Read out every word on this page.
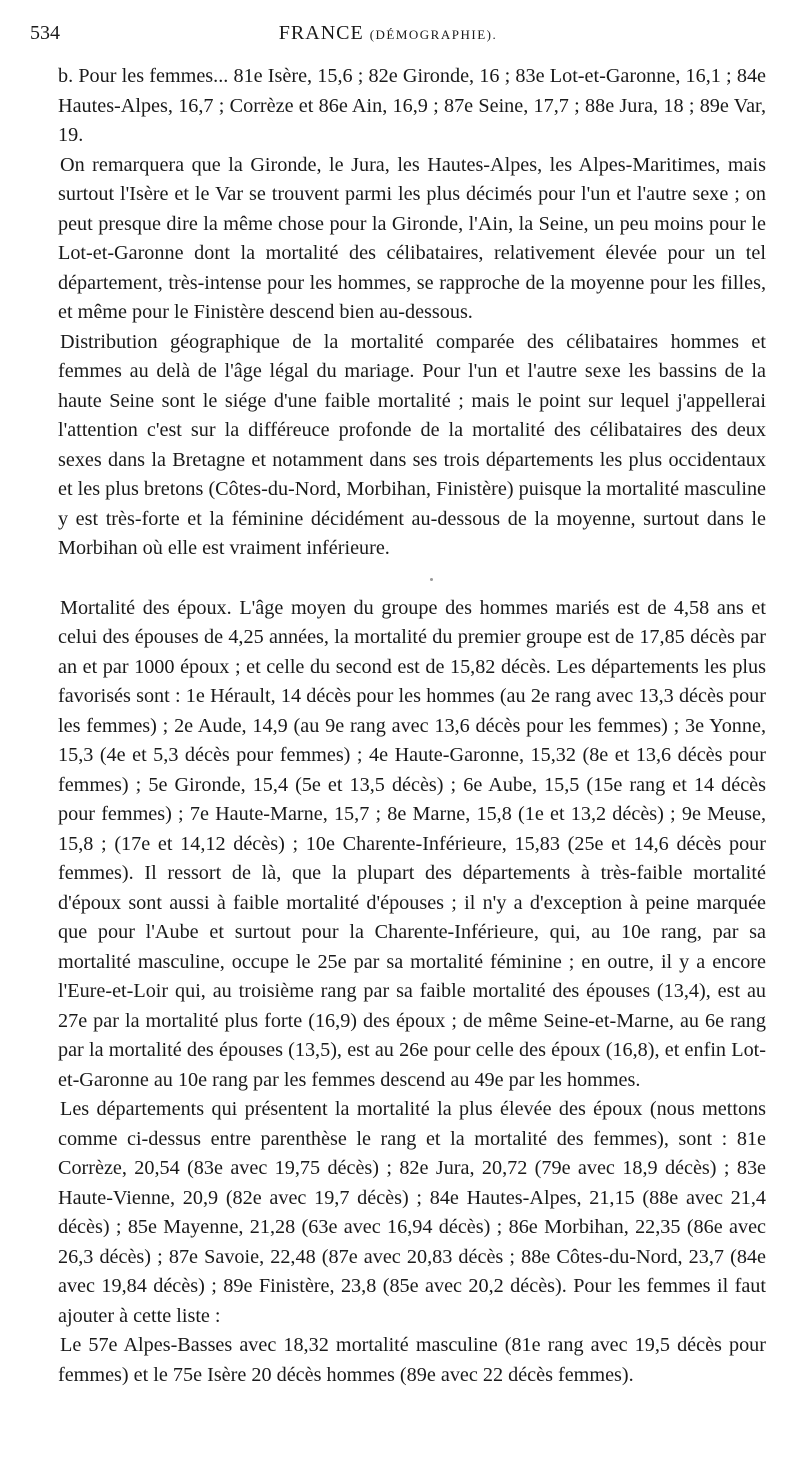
534	FRANCE (DÉMOGRAPHIE).

b. Pour les femmes... 81e Isère, 15,6 ; 82e Gironde, 16 ; 83e Lot-et-Garonne, 16,1 ; 84e Hautes-Alpes, 16,7 ; Corrèze et 86e Ain, 16,9 ; 87e Seine, 17,7 ; 88e Jura, 18 ; 89e Var, 19.

On remarquera que la Gironde, le Jura, les Hautes-Alpes, les Alpes-Maritimes, mais surtout l'Isère et le Var se trouvent parmi les plus décimés pour l'un et l'autre sexe ; on peut presque dire la même chose pour la Gironde, l'Ain, la Seine, un peu moins pour le Lot-et-Garonne dont la mortalité des célibataires, relativement élevée pour un tel département, très-intense pour les hommes, se rapproche de la moyenne pour les filles, et même pour le Finistère descend bien au-dessous.

Distribution géographique de la mortalité comparée des célibataires hommes et femmes au delà de l'âge légal du mariage. Pour l'un et l'autre sexe les bassins de la haute Seine sont le siége d'une faible mortalité ; mais le point sur lequel j'appellerai l'attention c'est sur la différeuce profonde de la mortalité des célibataires des deux sexes dans la Bretagne et notamment dans ses trois départements les plus occidentaux et les plus bretons (Côtes-du-Nord, Morbihan, Finistère) puisque la mortalité masculine y est très-forte et la féminine décidément au-dessous de la moyenne, surtout dans le Morbihan où elle est vraiment inférieure.

Mortalité des époux. L'âge moyen du groupe des hommes mariés est de 4,58 ans et celui des épouses de 4,25 années, la mortalité du premier groupe est de 17,85 décès par an et par 1000 époux ; et celle du second est de 15,82 décès. Les départements les plus favorisés sont : 1e Hérault, 14 décès pour les hommes (au 2e rang avec 13,3 décès pour les femmes) ; 2e Aude, 14,9 (au 9e rang avec 13,6 décès pour les femmes) ; 3e Yonne, 15,3 (4e et 5,3 décès pour femmes) ; 4e Haute-Garonne, 15,32 (8e et 13,6 décès pour femmes) ; 5e Gironde, 15,4 (5e et 13,5 décès) ; 6e Aube, 15,5 (15e rang et 14 décès pour femmes) ; 7e Haute-Marne, 15,7 ; 8e Marne, 15,8 (1e et 13,2 décès) ; 9e Meuse, 15,8 ; (17e et 14,12 décès) ; 10e Charente-Inférieure, 15,83 (25e et 14,6 décès pour femmes). Il ressort de là, que la plupart des départements à très-faible mortalité d'époux sont aussi à faible mortalité d'épouses ; il n'y a d'exception à peine marquée que pour l'Aube et surtout pour la Charente-Inférieure, qui, au 10e rang, par sa mortalité masculine, occupe le 25e par sa mortalité féminine ; en outre, il y a encore l'Eure-et-Loir qui, au troisième rang par sa faible mortalité des épouses (13,4), est au 27e par la mortalité plus forte (16,9) des époux ; de même Seine-et-Marne, au 6e rang par la mortalité des épouses (13,5), est au 26e pour celle des époux (16,8), et enfin Lot-et-Garonne au 10e rang par les femmes descend au 49e par les hommes.

Les départements qui présentent la mortalité la plus élevée des époux (nous mettons comme ci-dessus entre parenthèse le rang et la mortalité des femmes), sont : 81e Corrèze, 20,54 (83e avec 19,75 décès) ; 82e Jura, 20,72 (79e avec 18,9 décès) ; 83e Haute-Vienne, 20,9 (82e avec 19,7 décès) ; 84e Hautes-Alpes, 21,15 (88e avec 21,4 décès) ; 85e Mayenne, 21,28 (63e avec 16,94 décès) ; 86e Morbihan, 22,35 (86e avec 26,3 décès) ; 87e Savoie, 22,48 (87e avec 20,83 décès ; 88e Côtes-du-Nord, 23,7 (84e avec 19,84 décès) ; 89e Finistère, 23,8 (85e avec 20,2 décès). Pour les femmes il faut ajouter à cette liste :

Le 57e Alpes-Basses avec 18,32 mortalité masculine (81e rang avec 19,5 décès pour femmes) et le 75e Isère 20 décès hommes (89e avec 22 décès femmes).
